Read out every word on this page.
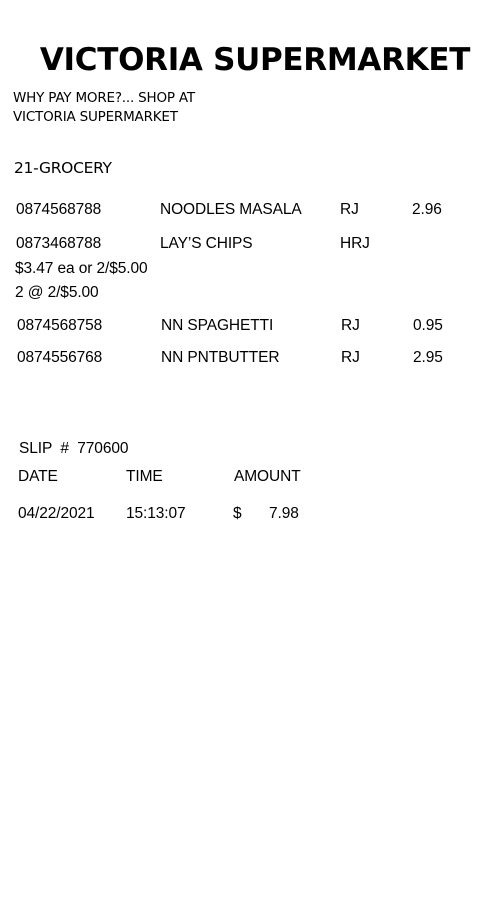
VICTORIA SUPERMARKET
WHY PAY MORE?... SHOP AT
VICTORIA SUPERMARKET
21-GROCERY
0874568788	NOODLES MASALA RJ	2.96
0873468788	LAY’S CHIPS	HRJ
$3.47 ea or 2/$5.00
2 @ 2/$5.00
0874568758	NN SPAGHETTI	RJ	0.95
0874556768	NN PNTBUTTER	RJ	2.95
SLIP  #  770600
DATE	TIME	AMOUNT
04/22/2021 15:13:07	$ 7.98
